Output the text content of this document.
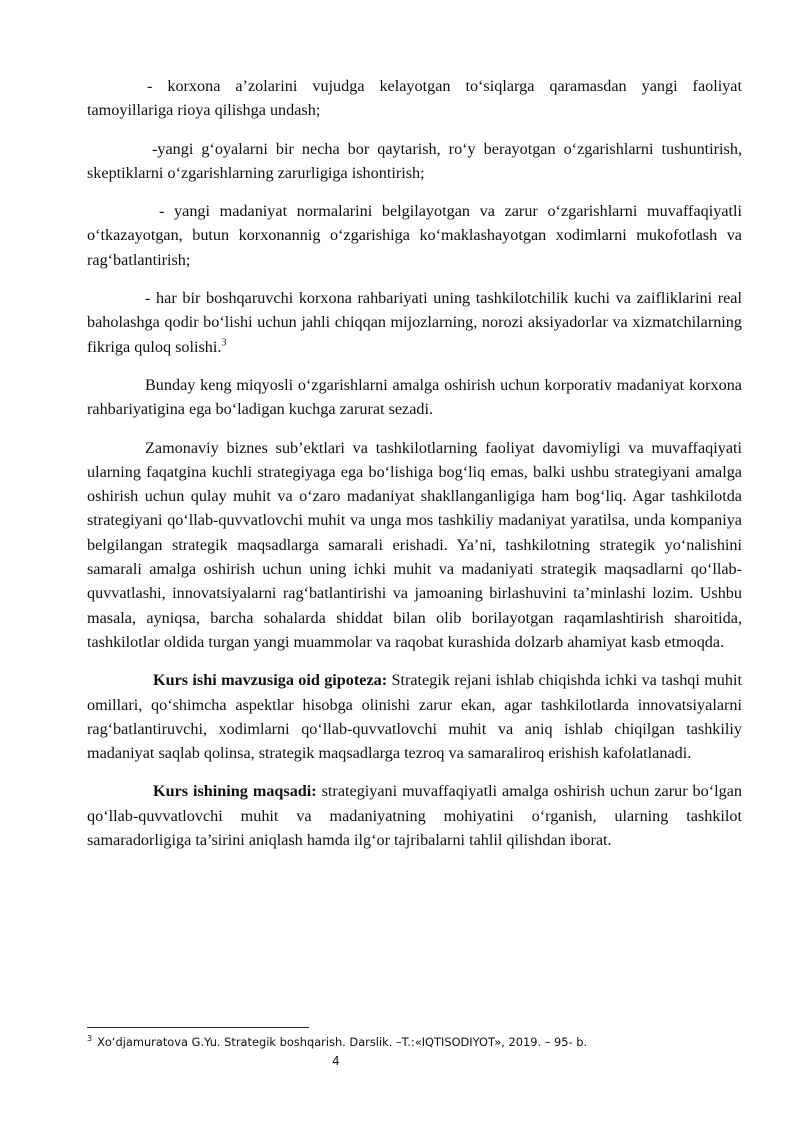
- korxona a’zolarini vujudga kelayotgan to‘siqlarga qaramasdan yangi faoliyat tamoyillariga rioya qilishga undash;

-yangi g‘oyalarni bir necha bor qaytarish, ro‘y berayotgan o‘zgarishlarni tushuntirish, skeptiklarni o‘zgarishlarning zarurligiga ishontirish;

- yangi madaniyat normalarini belgilayotgan va zarur o‘zgarishlarni muvaffaqiyatli o‘tkazayotgan, butun korxonannig o‘zgarishiga ko‘maklashayotgan xodimlarni mukofotlash va rag‘batlantirish;

- har bir boshqaruvchi korxona rahbariyati uning tashkilotchilik kuchi va zaifliklarini real baholashga qodir bo‘lishi uchun jahli chiqqan mijozlarning, norozi aksiyadorlar va xizmatchilarning fikriga quloq solishi.$^3$

Bunday keng miqyosli o‘zgarishlarni amalga oshirish uchun korporativ madaniyat korxona rahbariyatigina ega bo‘ladigan kuchga zarurat sezadi.

Zamonaviy biznes sub’ektlari va tashkilotlarning faoliyat davomiyligi va muvaffaqiyati ularning faqatgina kuchli strategiyaga ega bo‘lishiga bog‘liq emas, balki ushbu strategiyani amalga oshirish uchun qulay muhit va o‘zaro madaniyat shakllanganligiga ham bog‘liq. Agar tashkilotda strategiyani qo‘llab-quvvatlovchi muhit va unga mos tashkiliy madaniyat yaratilsa, unda kompaniya belgilangan strategik maqsadlarga samarali erishadi. Ya’ni, tashkilotning strategik yo‘nalishini samarali amalga oshirish uchun uning ichki muhit va madaniyati strategik maqsadlarni qo‘llab-quvvatlashi, innovatsiyalarni rag‘batlantirishi va jamoaning birlashuvini ta’minlashi lozim. Ushbu masala, ayniqsa, barcha sohalarda shiddat bilan olib borilayotgan raqamlashtirish sharoitida, tashkilotlar oldida turgan yangi muammolar va raqobat kurashida dolzarb ahamiyat kasb etmoqda.

Kurs ishi mavzusiga oid gipoteza: Strategik rejani ishlab chiqishda ichki va tashqi muhit omillari, qo‘shimcha aspektlar hisobga olinishi zarur ekan, agar tashkilotlarda innovatsiyalarni rag‘batlantiruvchi, xodimlarni qo‘llab-quvvatlovchi muhit va aniq ishlab chiqilgan tashkiliy madaniyat saqlab qolinsa, strategik maqsadlarga tezroq va samaraliroq erishish kafolatlanadi.

Kurs ishining maqsadi: strategiyani muvaffaqiyatli amalga oshirish uchun zarur bo‘lgan qo‘llab-quvvatlovchi muhit va madaniyatning mohiyatini o‘rganish, ularning tashkilot samaradorligiga ta’sirini aniqlash hamda ilg‘or tajribalarni tahlil qilishdan iborat.

$^3$ Xo‘djamuratova G.Yu. Strategik boshqarish. Darslik. –T.:«IQTISODIYOT», 2019. – 95- b.
4
